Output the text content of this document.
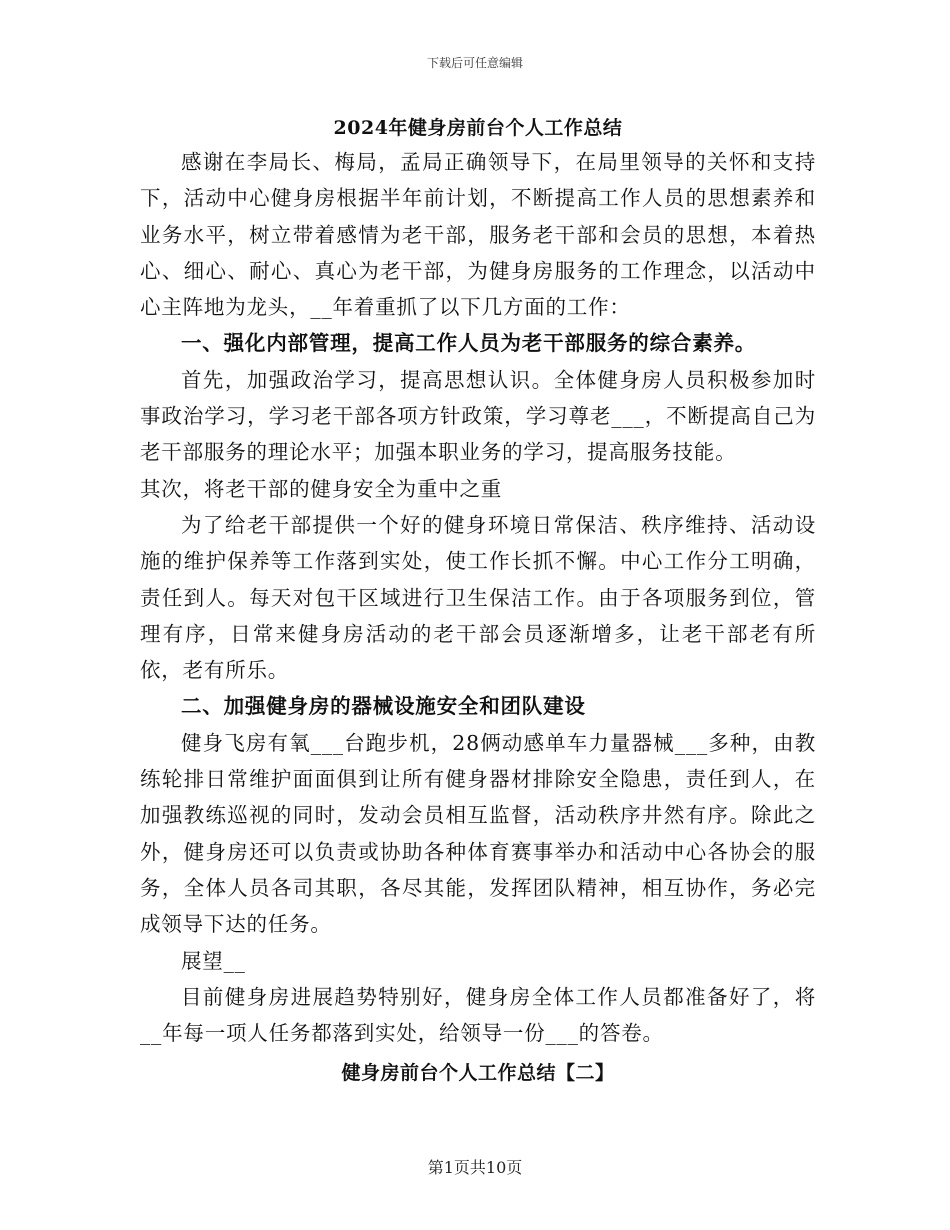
下载后可任意编辑
2024年健身房前台个人工作总结

感谢在李局长、梅局，孟局正确领导下，在局里领导的关怀和支持下，活动中心健身房根据半年前计划，不断提高工作人员的思想素养和业务水平，树立带着感情为老干部，服务老干部和会员的思想，本着热心、细心、耐心、真心为老干部，为健身房服务的工作理念，以活动中心主阵地为龙头，__年着重抓了以下几方面的工作：

一、强化内部管理，提高工作人员为老干部服务的综合素养。

首先，加强政治学习，提高思想认识。全体健身房人员积极参加时事政治学习，学习老干部各项方针政策，学习尊老___，不断提高自己为老干部服务的理论水平；加强本职业务的学习，提高服务技能。

其次，将老干部的健身安全为重中之重

为了给老干部提供一个好的健身环境日常保洁、秩序维持、活动设施的维护保养等工作落到实处，使工作长抓不懈。中心工作分工明确，责任到人。每天对包干区域进行卫生保洁工作。由于各项服务到位，管理有序，日常来健身房活动的老干部会员逐渐增多，让老干部老有所依，老有所乐。

二、加强健身房的器械设施安全和团队建设

健身飞房有氧___台跑步机，28俩动感单车力量器械___多种，由教练轮排日常维护面面俱到让所有健身器材排除安全隐患，责任到人，在加强教练巡视的同时，发动会员相互监督，活动秩序井然有序。除此之外，健身房还可以负责或协助各种体育赛事举办和活动中心各协会的服务，全体人员各司其职，各尽其能，发挥团队精神，相互协作，务必完成领导下达的任务。

展望__

目前健身房进展趋势特别好，健身房全体工作人员都准备好了，将__年每一项人任务都落到实处，给领导一份___的答卷。

健身房前台个人工作总结【二】
第1页共10页
